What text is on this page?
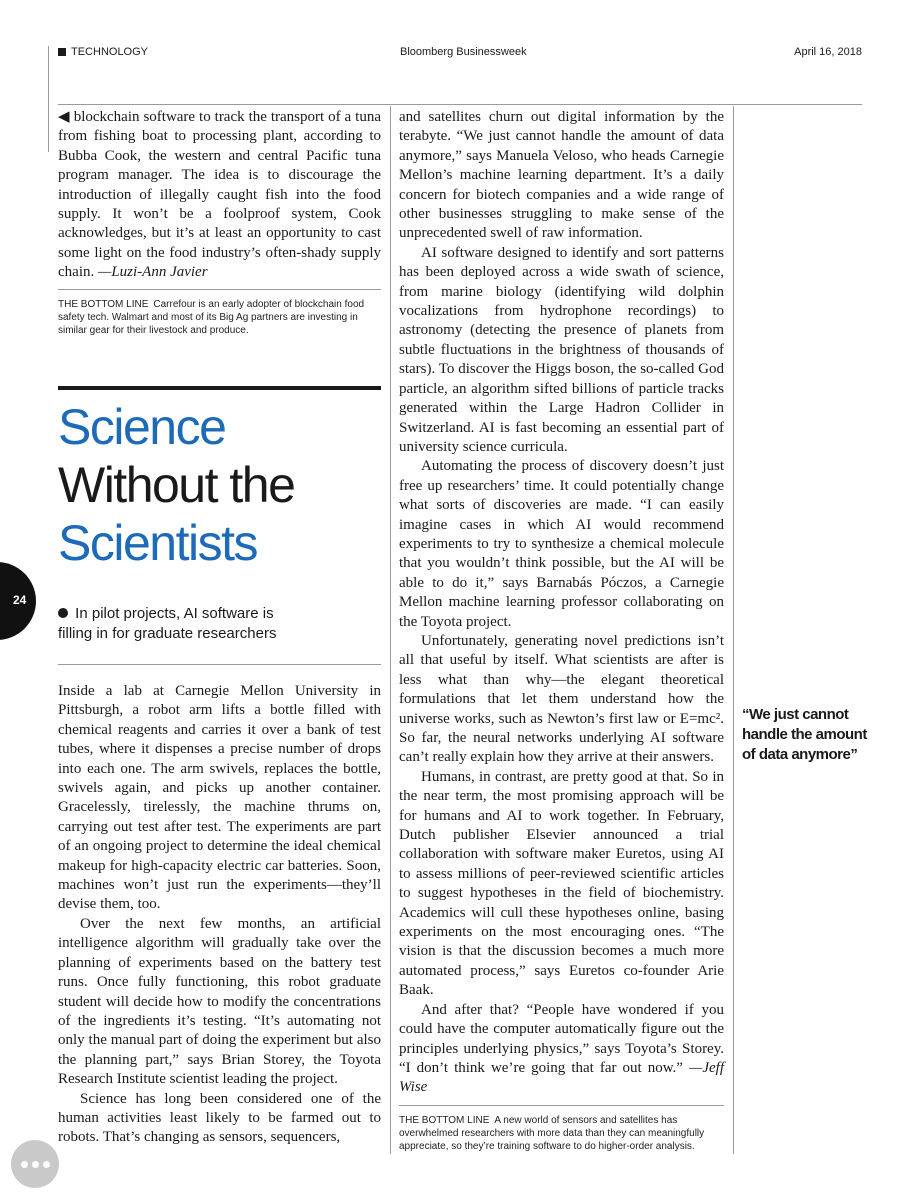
TECHNOLOGY	Bloomberg Businessweek	April 16, 2018

◀ blockchain software to track the transport of a tuna from fishing boat to processing plant, according to Bubba Cook, the western and central Pacific tuna program manager. The idea is to discourage the introduction of illegally caught fish into the food supply. It won’t be a foolproof system, Cook acknowledges, but it’s at least an opportunity to cast some light on the food industry’s often-shady supply chain. —Luzi-Ann Javier

THE BOTTOM LINE Carrefour is an early adopter of blockchain food safety tech. Walmart and most of its Big Ag partners are investing in similar gear for their livestock and produce.

Science
Without the
Scientists

In pilot projects, AI software is filling in for graduate researchers

24

Inside a lab at Carnegie Mellon University in Pittsburgh, a robot arm lifts a bottle filled with chemical reagents and carries it over a bank of test tubes, where it dispenses a precise number of drops into each one. The arm swivels, replaces the bottle, swivels again, and picks up another container. Gracelessly, tirelessly, the machine thrums on, carrying out test after test. The experiments are part of an ongoing project to determine the ideal chemical makeup for high-capacity electric car batteries. Soon, machines won’t just run the experiments—they’ll devise them, too.

Over the next few months, an artificial intelligence algorithm will gradually take over the planning of experiments based on the battery test runs. Once fully functioning, this robot graduate student will decide how to modify the concentrations of the ingredients it’s testing. “It’s automating not only the manual part of doing the experiment but also the planning part,” says Brian Storey, the Toyota Research Institute scientist leading the project.

Science has long been considered one of the human activities least likely to be farmed out to robots. That’s changing as sensors, sequencers,

and satellites churn out digital information by the terabyte. “We just cannot handle the amount of data anymore,” says Manuela Veloso, who heads Carnegie Mellon’s machine learning department. It’s a daily concern for biotech companies and a wide range of other businesses struggling to make sense of the unprecedented swell of raw information.

AI software designed to identify and sort patterns has been deployed across a wide swath of science, from marine biology (identifying wild dolphin vocalizations from hydrophone recordings) to astronomy (detecting the presence of planets from subtle fluctuations in the brightness of thousands of stars). To discover the Higgs boson, the so-called God particle, an algorithm sifted billions of particle tracks generated within the Large Hadron Collider in Switzerland. AI is fast becoming an essential part of university science curricula.

Automating the process of discovery doesn’t just free up researchers’ time. It could potentially change what sorts of discoveries are made. “I can easily imagine cases in which AI would recommend experiments to try to synthesize a chemical molecule that you wouldn’t think possible, but the AI will be able to do it,” says Barnabás Póczos, a Carnegie Mellon machine learning professor collaborating on the Toyota project.

Unfortunately, generating novel predictions isn’t all that useful by itself. What scientists are after is less what than why—the elegant theoretical formulations that let them understand how the universe works, such as Newton’s first law or E=mc². So far, the neural networks underlying AI software can’t really explain how they arrive at their answers.

Humans, in contrast, are pretty good at that. So in the near term, the most promising approach will be for humans and AI to work together. In February, Dutch publisher Elsevier announced a trial collaboration with software maker Euretos, using AI to assess millions of peer-reviewed scientific articles to suggest hypotheses in the field of biochemistry. Academics will cull these hypotheses online, basing experiments on the most encouraging ones. “The vision is that the discussion becomes a much more automated process,” says Euretos co-founder Arie Baak.

And after that? “People have wondered if you could have the computer automatically figure out the principles underlying physics,” says Toyota’s Storey. “I don’t think we’re going that far out now.” —Jeff Wise

THE BOTTOM LINE A new world of sensors and satellites has overwhelmed researchers with more data than they can meaningfully appreciate, so they’re training software to do higher-order analysis.

“We just cannot handle the amount of data anymore”
